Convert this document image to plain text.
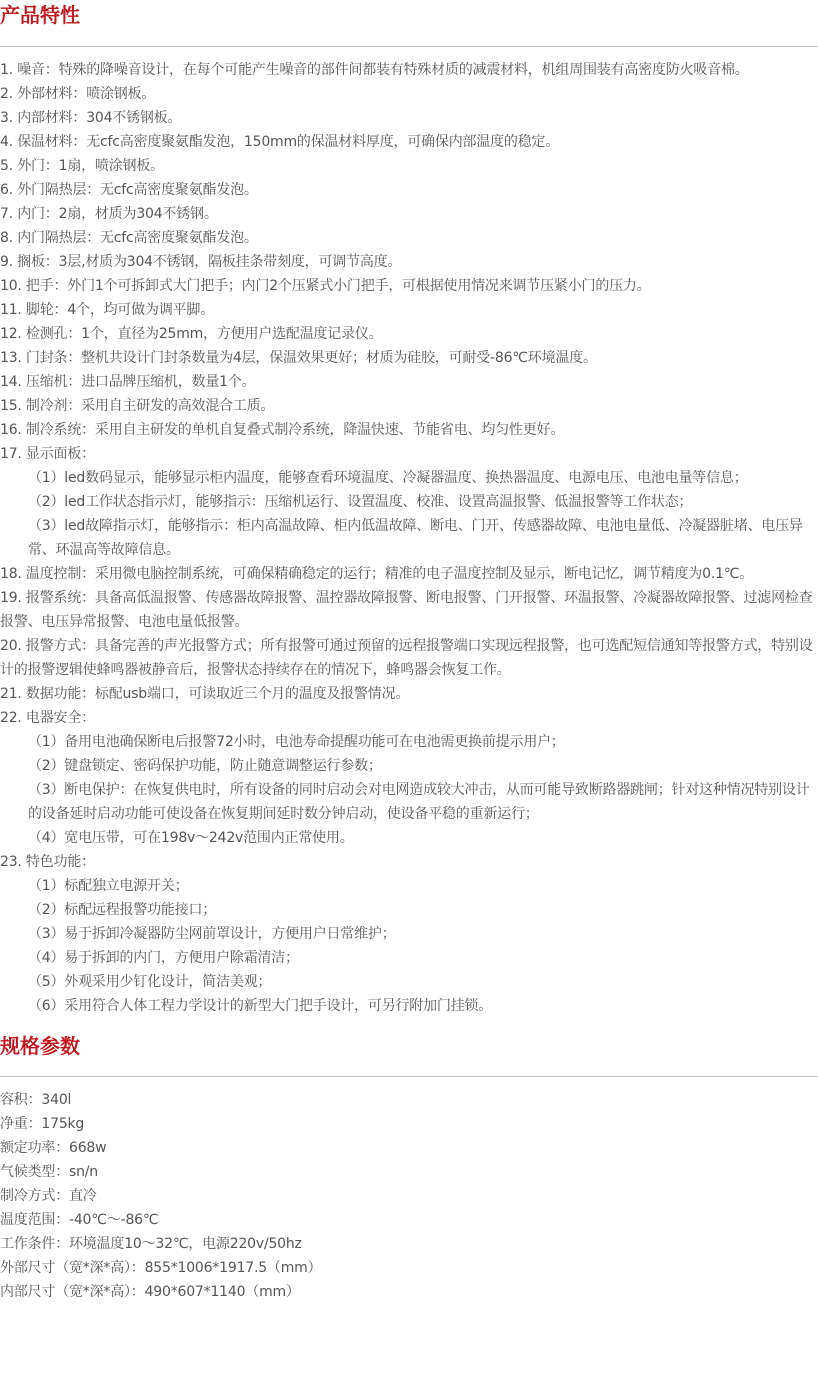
产品特性

1. 噪音：特殊的降噪音设计，在每个可能产生噪音的部件间都装有特殊材质的减震材料，机组周围装有高密度防火吸音棉。

2. 外部材料：喷涂钢板。

3. 内部材料：304不锈钢板。

4. 保温材料：无cfc高密度聚氨酯发泡，150mm的保温材料厚度，可确保内部温度的稳定。

5. 外门：1扇，喷涂钢板。

6. 外门隔热层：无cfc高密度聚氨酯发泡。

7. 内门：2扇，材质为304不锈钢。

8. 内门隔热层：无cfc高密度聚氨酯发泡。

9. 搁板：3层,材质为304不锈钢，隔板挂条带刻度，可调节高度。

10. 把手：外门1个可拆卸式大门把手；内门2个压紧式小门把手，可根据使用情况来调节压紧小门的压力。

11. 脚轮：4个，均可做为调平脚。

12. 检测孔：1个，直径为25mm，方便用户选配温度记录仪。

13. 门封条：整机共设计门封条数量为4层，保温效果更好；材质为硅胶，可耐受-86℃环境温度。

14. 压缩机：进口品牌压缩机，数量1个。

15. 制冷剂：采用自主研发的高效混合工质。

16. 制冷系统：采用自主研发的单机自复叠式制冷系统，降温快速、节能省电、均匀性更好。

17. 显示面板：

（1）led数码显示，能够显示柜内温度，能够查看环境温度、冷凝器温度、换热器温度、电源电压、电池电量等信息；

（2）led工作状态指示灯，能够指示：压缩机运行、设置温度、校准、设置高温报警、低温报警等工作状态；

（3）led故障指示灯，能够指示：柜内高温故障、柜内低温故障、断电、门开、传感器故障、电池电量低、冷凝器脏堵、电压异常、环温高等故障信息。

18. 温度控制：采用微电脑控制系统，可确保精确稳定的运行；精准的电子温度控制及显示，断电记忆，调节精度为0.1℃。

19. 报警系统：具备高低温报警、传感器故障报警、温控器故障报警、断电报警、门开报警、环温报警、冷凝器故障报警、过滤网检查报警、电压异常报警、电池电量低报警。

20. 报警方式：具备完善的声光报警方式；所有报警可通过预留的远程报警端口实现远程报警，也可选配短信通知等报警方式，特别设计的报警逻辑使蜂鸣器被静音后，报警状态持续存在的情况下，蜂鸣器会恢复工作。

21. 数据功能：标配usb端口，可读取近三个月的温度及报警情况。

22. 电器安全：

（1）备用电池确保断电后报警72小时，电池寿命提醒功能可在电池需更换前提示用户；

（2）键盘锁定、密码保护功能，防止随意调整运行参数；

（3）断电保护：在恢复供电时，所有设备的同时启动会对电网造成较大冲击，从而可能导致断路器跳闸；针对这种情况特别设计的设备延时启动功能可使设备在恢复期间延时数分钟启动，使设备平稳的重新运行；

（4）宽电压带，可在198v～242v范围内正常使用。

23. 特色功能：

（1）标配独立电源开关；

（2）标配远程报警功能接口；

（3）易于拆卸冷凝器防尘网前罩设计，方便用户日常维护；

（4）易于拆卸的内门，方便用户除霜清洁；

（5）外观采用少钉化设计，简洁美观；

（6）采用符合人体工程力学设计的新型大门把手设计，可另行附加门挂锁。

规格参数

容积：340l

净重：175kg

额定功率：668w

气候类型：sn/n

制冷方式：直冷

温度范围：-40℃～-86℃

工作条件：环境温度10～32℃，电源220v/50hz

外部尺寸（宽*深*高）：855*1006*1917.5（mm）

内部尺寸（宽*深*高）：490*607*1140（mm）
